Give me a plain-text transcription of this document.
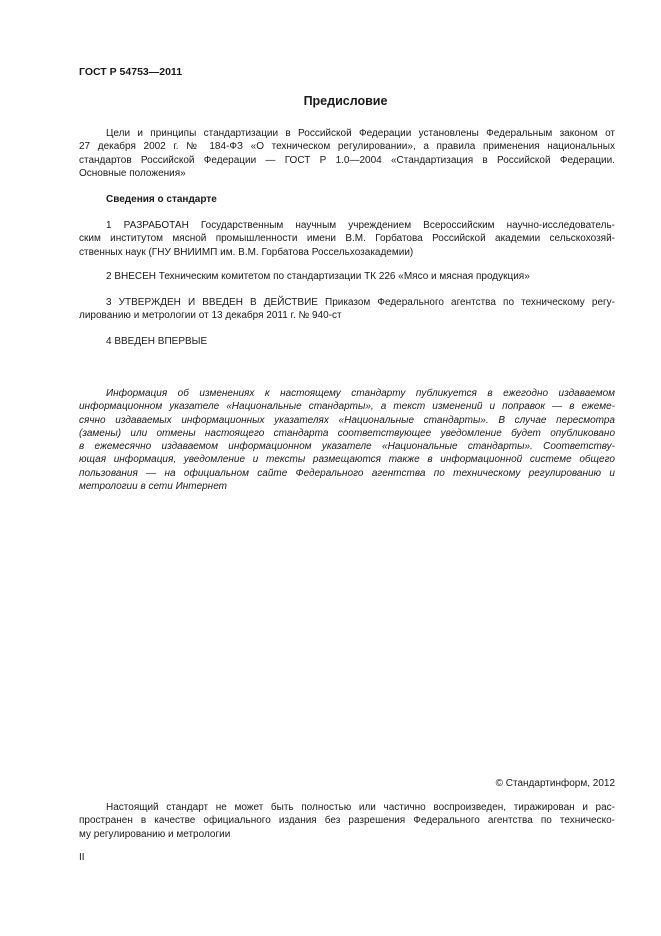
ГОСТ Р 54753—2011
Предисловие
Цели и принципы стандартизации в Российской Федерации установлены Федеральным законом от
27 декабря 2002 г. № 184-ФЗ «О техническом регулировании», а правила применения национальных
стандартов Российской Федерации — ГОСТ Р 1.0—2004 «Стандартизация в Российской Федерации.
Основные положения»
Сведения о стандарте
1 РАЗРАБОТАН Государственным научным учреждением Всероссийским научно-исследователь-
ским институтом мясной промышленности имени В.М. Горбатова Российской академии сельскохозяй-
ственных наук (ГНУ ВНИИМП им. В.М. Горбатова Россельхозакадемии)
2 ВНЕСЕН Техническим комитетом по стандартизации ТК 226 «Мясо и мясная продукция»
3 УТВЕРЖДЕН И ВВЕДЕН В ДЕЙСТВИЕ Приказом Федерального агентства по техническому регу-
лированию и метрологии от 13 декабря 2011 г. № 940-ст
4 ВВЕДЕН ВПЕРВЫЕ
Информация об изменениях к настоящему стандарту публикуется в ежегодно издаваемом
информационном указателе «Национальные стандарты», а текст изменений и поправок — в ежеме-
сячно издаваемых информационных указателях «Национальные стандарты». В случае пересмотра
(замены) или отмены настоящего стандарта соответствующее уведомление будет опубликовано
в ежемесячно издаваемом информационном указателе «Национальные стандарты». Соответству-
ющая информация, уведомление и тексты размещаются также в информационной системе общего
пользования — на официальном сайте Федерального агентства по техническому регулированию и
метрологии в сети Интернет
© Стандартинформ, 2012
Настоящий стандарт не может быть полностью или частично воспроизведен, тиражирован и рас-
пространен в качестве официального издания без разрешения Федерального агентства по техническо-
му регулированию и метрологии
II
